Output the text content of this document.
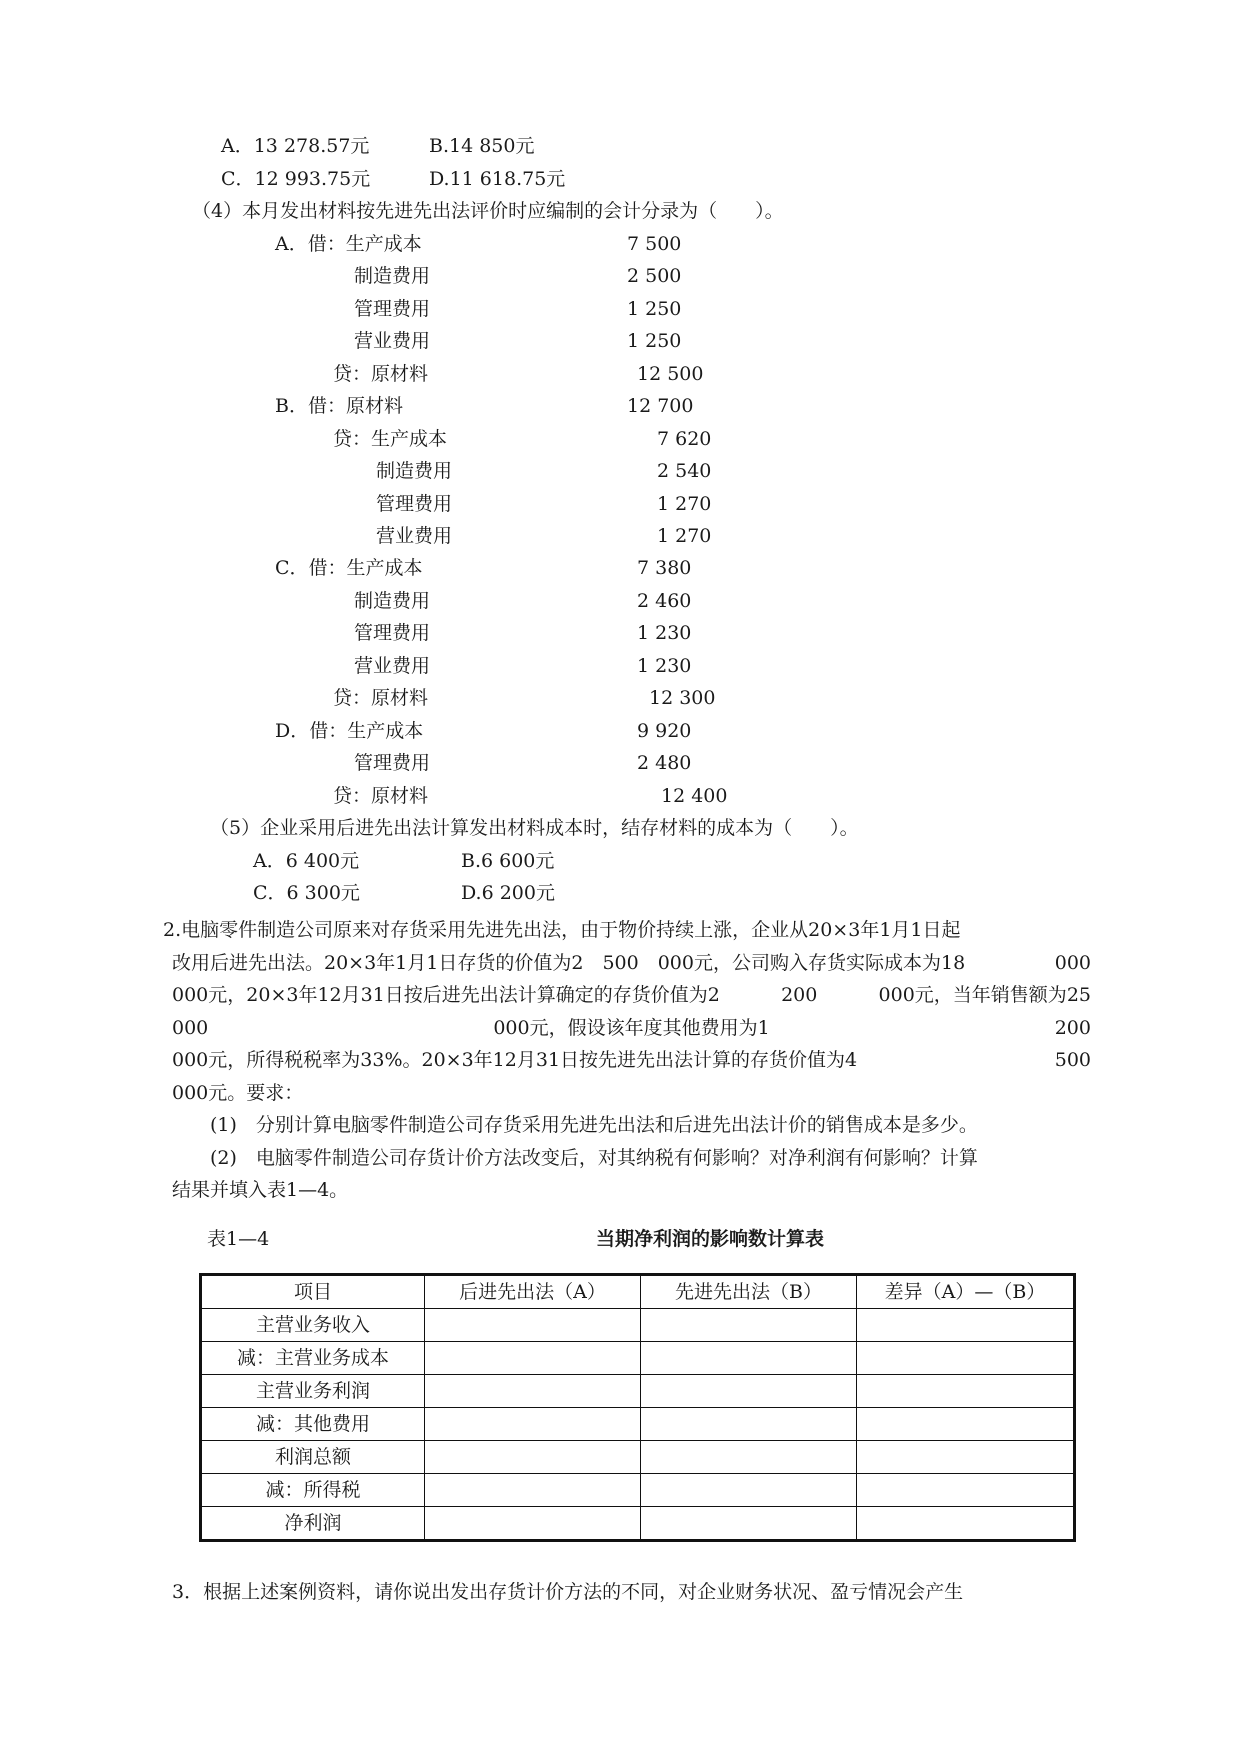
A．13 278.57元	B.14 850元
C．12 993.75元	D.11 618.75元
（4）本月发出材料按先进先出法评价时应编制的会计分录为（　　）。
A．借：生产成本	7 500
制造费用	2 500
管理费用	1 250
营业费用	1 250
贷：原材料	12 500
B．借：原材料	12 700
贷：生产成本	7 620
制造费用	2 540
管理费用	1 270
营业费用	1 270
C．借：生产成本	7 380
制造费用	2 460
管理费用	1 230
营业费用	1 230
贷：原材料	12 300
D．借：生产成本	9 920
管理费用	2 480
贷：原材料	12 400
（5）企业采用后进先出法计算发出材料成本时，结存材料的成本为（　　）。
A．6 400元	B.6 600元
C．6 300元	D.6 200元
2.电脑零件制造公司原来对存货采用先进先出法，由于物价持续上涨，企业从20×3年1月1日起
改用后进先出法。20×3年1月1日存货的价值为2　500　000元，公司购入存货实际成本为18	000
000元，20×3年12月31日按后进先出法计算确定的存货价值为2	200	000元，当年销售额为25
000	000元，假设该年度其他费用为1	200
000元，所得税税率为33%。20×3年12月31日按先进先出法计算的存货价值为4	500
000元。要求：
(1)　分别计算电脑零件制造公司存货采用先进先出法和后进先出法计价的销售成本是多少。
(2)　电脑零件制造公司存货计价方法改变后，对其纳税有何影响？对净利润有何影响？计算
结果并填入表1—4。
表1—4	当期净利润的影响数计算表
项目	后进先出法（A）	先进先出法（B）	差异（A）—（B）
主营业务收入			
减：主营业务成本			
主营业务利润			
减：其他费用			
利润总额			
减：所得税			
净利润			
3．根据上述案例资料，请你说出发出存货计价方法的不同，对企业财务状况、盈亏情况会产生
